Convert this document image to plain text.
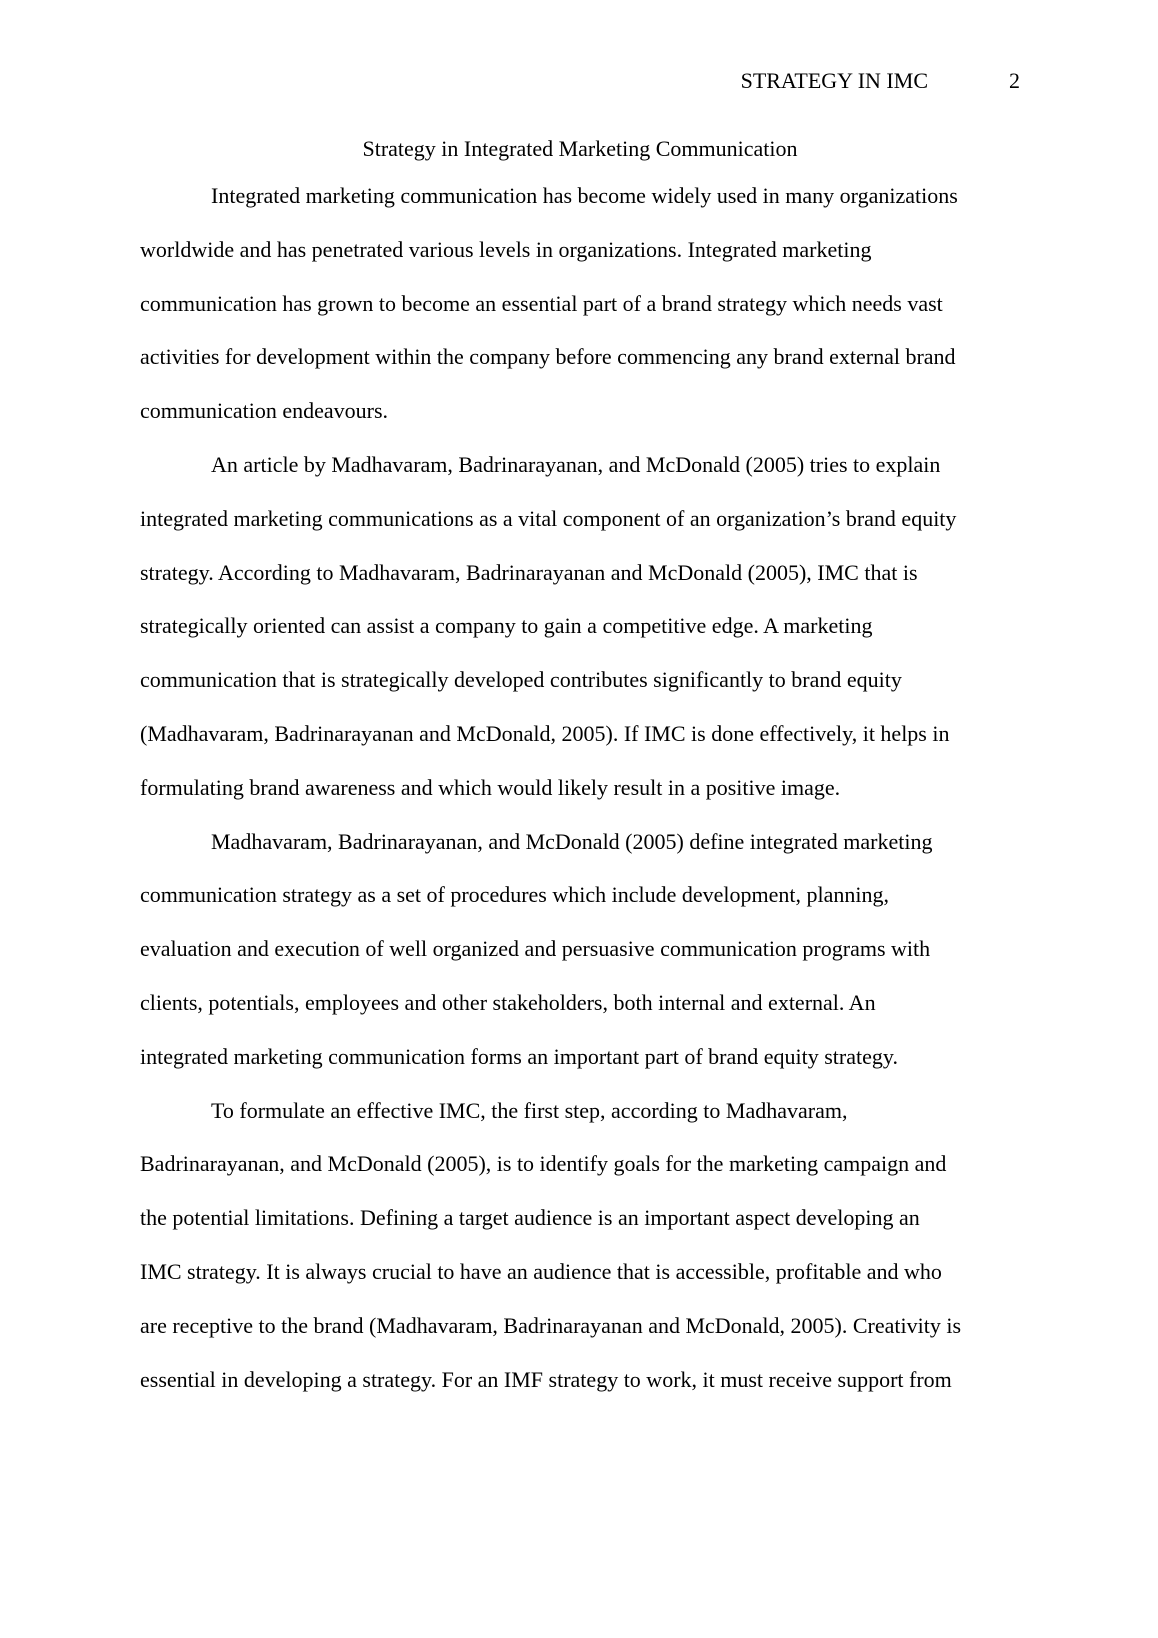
STRATEGY IN IMC	2
Strategy in Integrated Marketing Communication
Integrated marketing communication has become widely used in many organizations
worldwide and has penetrated various levels in organizations. Integrated marketing
communication has grown to become an essential part of a brand strategy which needs vast
activities for development within the company before commencing any brand external brand
communication endeavours.
An article by Madhavaram, Badrinarayanan, and McDonald (2005) tries to explain
integrated marketing communications as a vital component of an organization’s brand equity
strategy. According to Madhavaram, Badrinarayanan and McDonald (2005), IMC that is
strategically oriented can assist a company to gain a competitive edge. A marketing
communication that is strategically developed contributes significantly to brand equity
(Madhavaram, Badrinarayanan and McDonald, 2005). If IMC is done effectively, it helps in
formulating brand awareness and which would likely result in a positive image.
Madhavaram, Badrinarayanan, and McDonald (2005) define integrated marketing
communication strategy as a set of procedures which include development, planning,
evaluation and execution of well organized and persuasive communication programs with
clients, potentials, employees and other stakeholders, both internal and external. An
integrated marketing communication forms an important part of brand equity strategy.
To formulate an effective IMC, the first step, according to Madhavaram,
Badrinarayanan, and McDonald (2005), is to identify goals for the marketing campaign and
the potential limitations. Defining a target audience is an important aspect developing an
IMC strategy. It is always crucial to have an audience that is accessible, profitable and who
are receptive to the brand (Madhavaram, Badrinarayanan and McDonald, 2005). Creativity is
essential in developing a strategy. For an IMF strategy to work, it must receive support from
